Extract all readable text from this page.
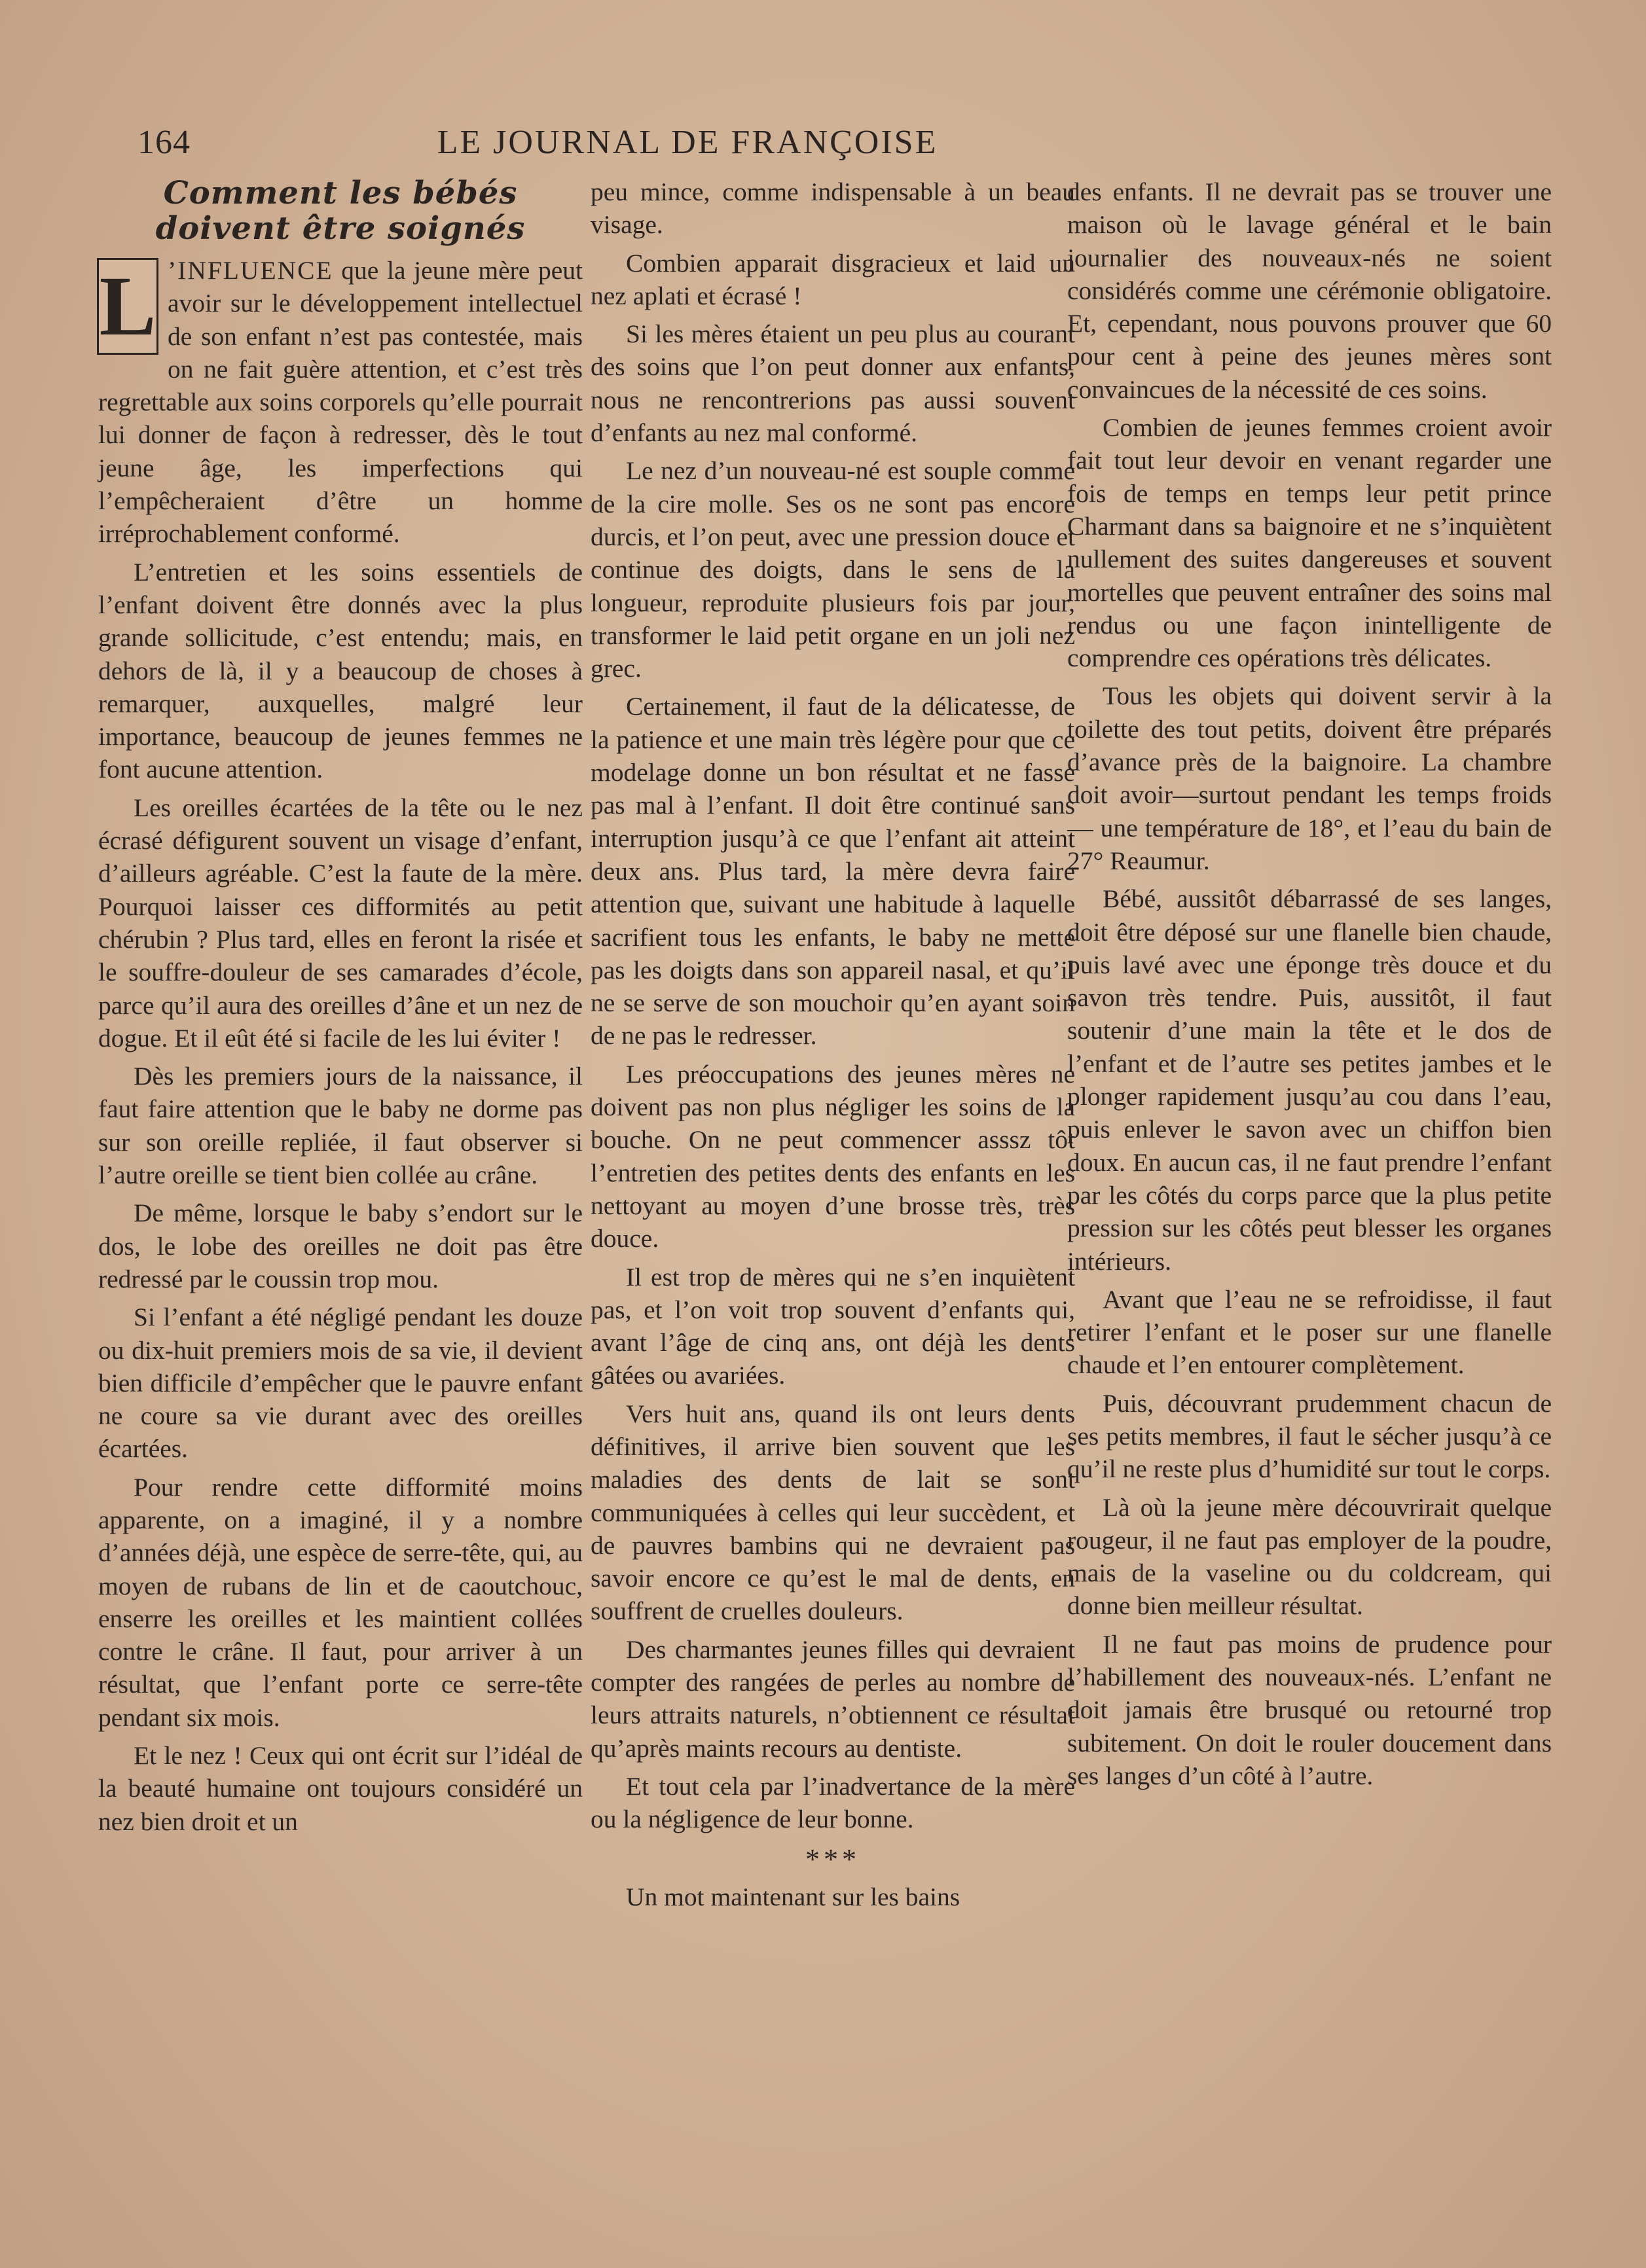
164	LE JOURNAL DE FRANÇOISE
Comment les bébés doivent être soignés

L ’INFLUENCE que la jeune mère peut avoir sur le développement intellectuel de son enfant n’est pas contestée, mais on ne fait guère attention, et c’est très regrettable aux soins corporels qu’elle pourrait lui donner de façon à redresser, dès le tout jeune âge, les imperfections qui l’empêcheraient d’être un homme irréprochablement conformé.

L’entretien et les soins essentiels de l’enfant doivent être donnés avec la plus grande sollicitude, c’est entendu; mais, en dehors de là, il y a beaucoup de choses à remarquer, auxquelles, malgré leur importance, beaucoup de jeunes femmes ne font aucune attention.

Les oreilles écartées de la tête ou le nez écrasé défigurent souvent un visage d’enfant, d’ailleurs agréable. C’est la faute de la mère. Pourquoi laisser ces difformités au petit chérubin ? Plus tard, elles en feront la risée et le souffre-douleur de ses camarades d’école, parce qu’il aura des oreilles d’âne et un nez de dogue. Et il eût été si facile de les lui éviter !

Dès les premiers jours de la naissance, il faut faire attention que le baby ne dorme pas sur son oreille repliée, il faut observer si l’autre oreille se tient bien collée au crâne.

De même, lorsque le baby s’endort sur le dos, le lobe des oreilles ne doit pas être redressé par le coussin trop mou.

Si l’enfant a été négligé pendant les douze ou dix-huit premiers mois de sa vie, il devient bien difficile d’empêcher que le pauvre enfant ne coure sa vie durant avec des oreilles écartées.

Pour rendre cette difformité moins apparente, on a imaginé, il y a nombre d’années déjà, une espèce de serre-tête, qui, au moyen de rubans de lin et de caoutchouc, enserre les oreilles et les maintient collées contre le crâne. Il faut, pour arriver à un résultat, que l’enfant porte ce serre-tête pendant six mois.

Et le nez ! Ceux qui ont écrit sur l’idéal de la beauté humaine ont toujours considéré un nez bien droit et un

peu mince, comme indispensable à un beau visage.

Combien apparait disgracieux et laid un nez aplati et écrasé !

Si les mères étaient un peu plus au courant des soins que l’on peut donner aux enfants, nous ne rencontrerions pas aussi souvent d’enfants au nez mal conformé.

Le nez d’un nouveau-né est souple comme de la cire molle. Ses os ne sont pas encore durcis, et l’on peut, avec une pression douce et continue des doigts, dans le sens de la longueur, reproduite plusieurs fois par jour, transformer le laid petit organe en un joli nez grec.

Certainement, il faut de la délicatesse, de la patience et une main très légère pour que ce modelage donne un bon résultat et ne fasse pas mal à l’enfant. Il doit être continué sans interruption jusqu’à ce que l’enfant ait atteint deux ans. Plus tard, la mère devra faire attention que, suivant une habitude à laquelle sacrifient tous les enfants, le baby ne mette pas les doigts dans son appareil nasal, et qu’il ne se serve de son mouchoir qu’en ayant soin de ne pas le redresser.

Les préoccupations des jeunes mères ne doivent pas non plus négliger les soins de la bouche. On ne peut commencer asssz tôt l’entretien des petites dents des enfants en les nettoyant au moyen d’une brosse très, très douce.

Il est trop de mères qui ne s’en inquiètent pas, et l’on voit trop souvent d’enfants qui, avant l’âge de cinq ans, ont déjà les dents gâtées ou avariées.

Vers huit ans, quand ils ont leurs dents définitives, il arrive bien souvent que les maladies des dents de lait se sont communiquées à celles qui leur succèdent, et de pauvres bambins qui ne devraient pas savoir encore ce qu’est le mal de dents, en souffrent de cruelles douleurs.

Des charmantes jeunes filles qui devraient compter des rangées de perles au nombre de leurs attraits naturels, n’obtiennent ce résultat qu’après maints recours au dentiste.

Et tout cela par l’inadvertance de la mère ou la négligence de leur bonne.

***

Un mot maintenant sur les bains

des enfants. Il ne devrait pas se trouver une maison où le lavage général et le bain journalier des nouveaux-nés ne soient considérés comme une cérémonie obligatoire. Et, cependant, nous pouvons prouver que 60 pour cent à peine des jeunes mères sont convaincues de la nécessité de ces soins.

Combien de jeunes femmes croient avoir fait tout leur devoir en venant regarder une fois de temps en temps leur petit prince Charmant dans sa baignoire et ne s’inquiètent nullement des suites dangereuses et souvent mortelles que peuvent entraîner des soins mal rendus ou une façon inintelligente de comprendre ces opérations très délicates.

Tous les objets qui doivent servir à la toilette des tout petits, doivent être préparés d’avance près de la baignoire. La chambre doit avoir—surtout pendant les temps froids — une température de 18°, et l’eau du bain de 27° Reaumur.

Bébé, aussitôt débarrassé de ses langes, doit être déposé sur une flanelle bien chaude, puis lavé avec une éponge très douce et du savon très tendre. Puis, aussitôt, il faut soutenir d’une main la tête et le dos de l’enfant et de l’autre ses petites jambes et le plonger rapidement jusqu’au cou dans l’eau, puis enlever le savon avec un chiffon bien doux. En aucun cas, il ne faut prendre l’enfant par les côtés du corps parce que la plus petite pression sur les côtés peut blesser les organes intérieurs.

Avant que l’eau ne se refroidisse, il faut retirer l’enfant et le poser sur une flanelle chaude et l’en entourer complètement.

Puis, découvrant prudemment chacun de ses petits membres, il faut le sécher jusqu’à ce qu’il ne reste plus d’humidité sur tout le corps.

Là où la jeune mère découvrirait quelque rougeur, il ne faut pas employer de la poudre, mais de la vaseline ou du coldcream, qui donne bien meilleur résultat.

Il ne faut pas moins de prudence pour l’habillement des nouveaux-nés. L’enfant ne doit jamais être brusqué ou retourné trop subitement. On doit le rouler doucement dans ses langes d’un côté à l’autre.
